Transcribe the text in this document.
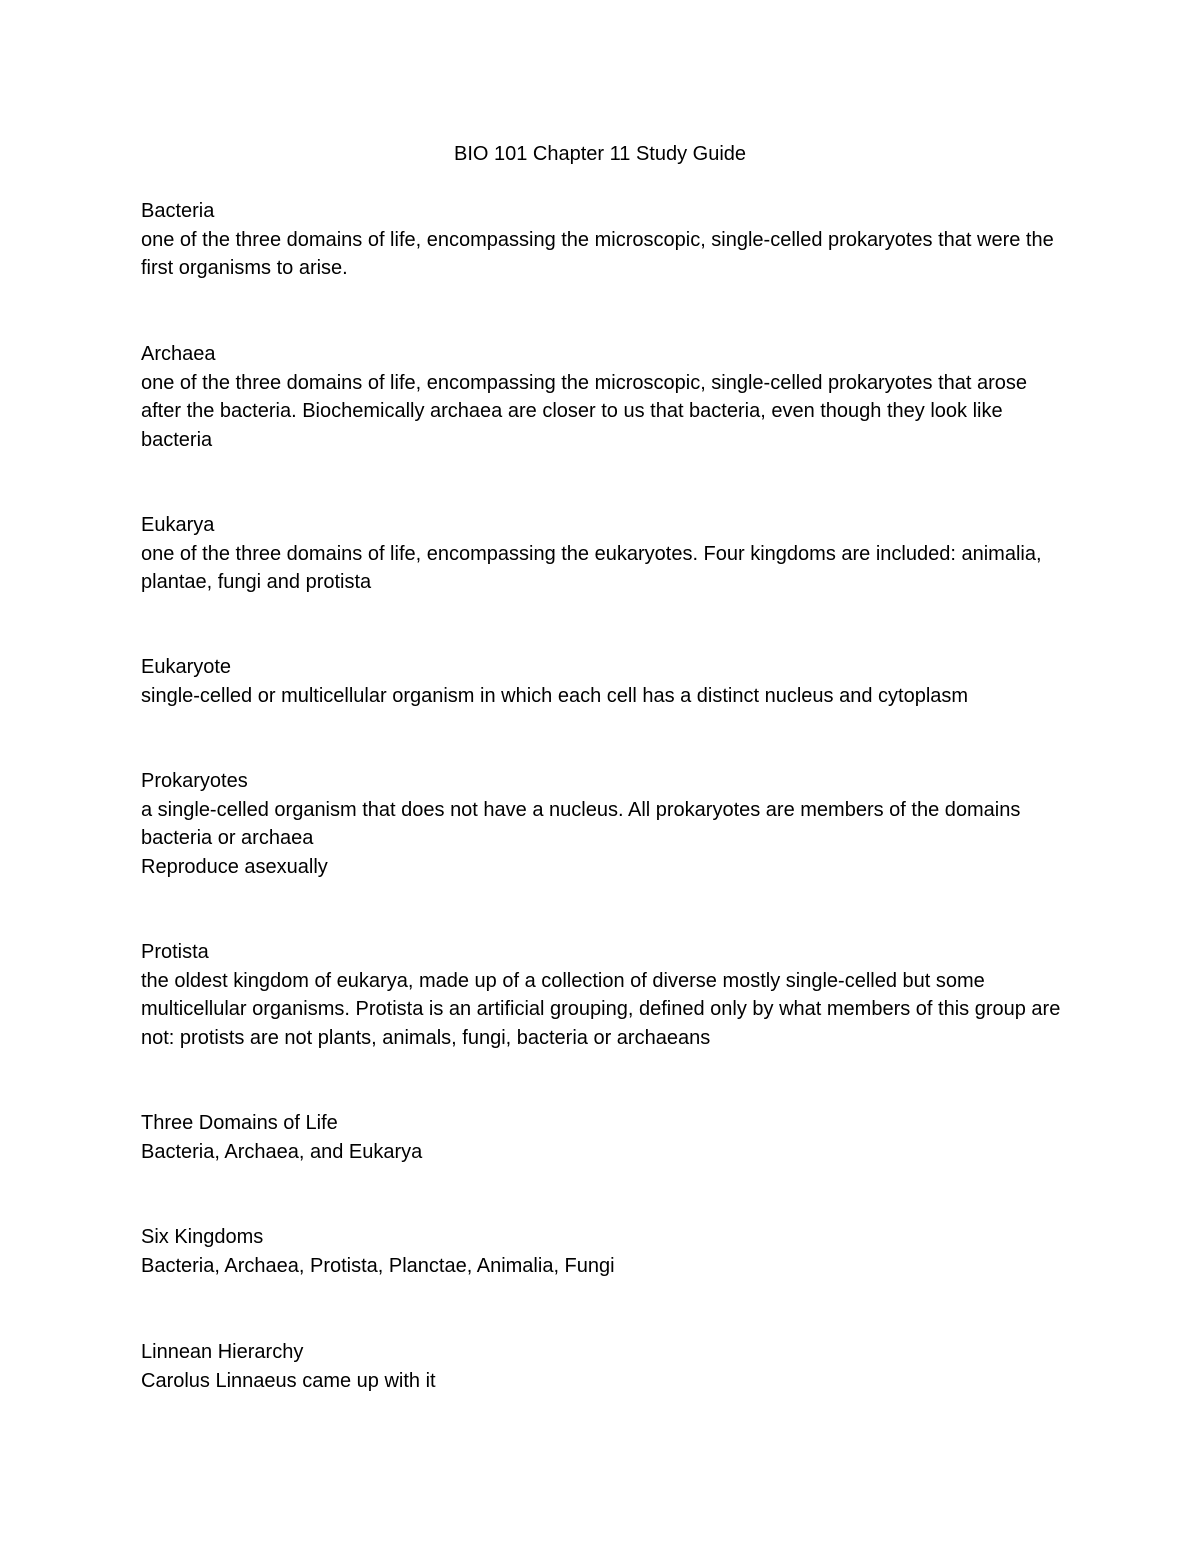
BIO 101 Chapter 11 Study Guide

Bacteria

one of the three domains of life, encompassing the microscopic, single-celled prokaryotes that were the first organisms to arise.

Archaea

one of the three domains of life, encompassing the microscopic, single-celled prokaryotes that arose after the bacteria. Biochemically archaea are closer to us that bacteria, even though they look like bacteria

Eukarya

one of the three domains of life, encompassing the eukaryotes. Four kingdoms are included: animalia, plantae, fungi and protista

Eukaryote

single-celled or multicellular organism in which each cell has a distinct nucleus and cytoplasm

Prokaryotes

a single-celled organism that does not have a nucleus. All prokaryotes are members of the domains bacteria or archaea

Reproduce asexually

Protista

the oldest kingdom of eukarya, made up of a collection of diverse mostly single-celled but some multicellular organisms. Protista is an artificial grouping, defined only by what members of this group are not: protists are not plants, animals, fungi, bacteria or archaeans

Three Domains of Life

Bacteria, Archaea, and Eukarya

Six Kingdoms

Bacteria, Archaea, Protista, Planctae, Animalia, Fungi

Linnean Hierarchy

Carolus Linnaeus came up with it
